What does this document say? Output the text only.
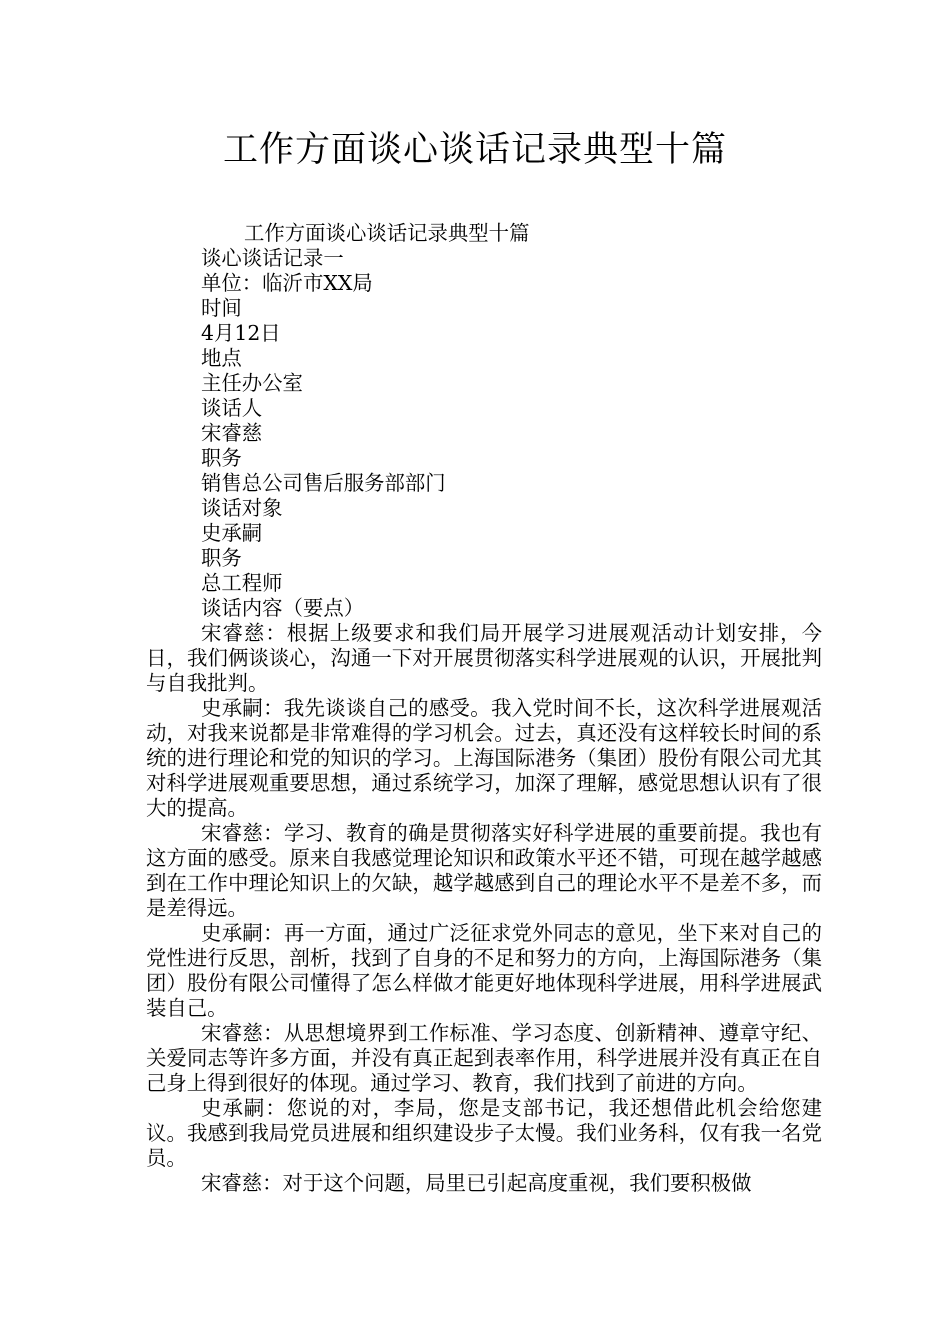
工作方面谈心谈话记录典型十篇

工作方面谈心谈话记录典型十篇

谈心谈话记录一

单位：临沂市XX局

时间

4月12日

地点

主任办公室

谈话人

宋睿慈

职务

销售总公司售后服务部部门

谈话对象

史承嗣

职务

总工程师

谈话内容（要点）

宋睿慈：根据上级要求和我们局开展学习进展观活动计划安排，今日，我们俩谈谈心，沟通一下对开展贯彻落实科学进展观的认识，开展批判与自我批判。

史承嗣：我先谈谈自己的感受。我入党时间不长，这次科学进展观活动，对我来说都是非常难得的学习机会。过去，真还没有这样较长时间的系统的进行理论和党的知识的学习。上海国际港务（集团）股份有限公司尤其对科学进展观重要思想，通过系统学习，加深了理解，感觉思想认识有了很大的提高。

宋睿慈：学习、教育的确是贯彻落实好科学进展的重要前提。我也有这方面的感受。原来自我感觉理论知识和政策水平还不错，可现在越学越感到在工作中理论知识上的欠缺，越学越感到自己的理论水平不是差不多，而是差得远。

史承嗣：再一方面，通过广泛征求党外同志的意见，坐下来对自己的党性进行反思，剖析，找到了自身的不足和努力的方向，上海国际港务（集团）股份有限公司懂得了怎么样做才能更好地体现科学进展，用科学进展武装自己。

宋睿慈：从思想境界到工作标准、学习态度、创新精神、遵章守纪、关爱同志等许多方面，并没有真正起到表率作用，科学进展并没有真正在自己身上得到很好的体现。通过学习、教育，我们找到了前进的方向。

史承嗣：您说的对，李局，您是支部书记，我还想借此机会给您建议。我感到我局党员进展和组织建设步子太慢。我们业务科，仅有我一名党员。

宋睿慈：对于这个问题，局里已引起高度重视，我们要积极做
